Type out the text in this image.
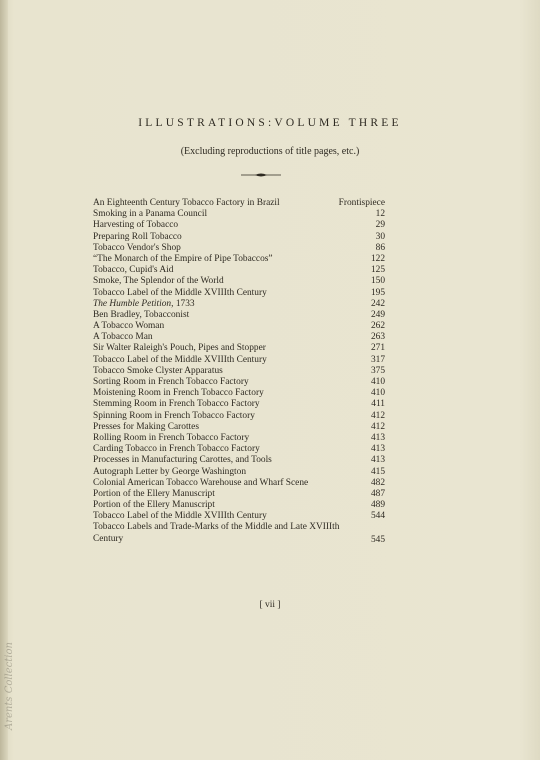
ILLUSTRATIONS:VOLUME THREE
(Excluding reproductions of title pages, etc.)
An Eighteenth Century Tobacco Factory in Brazil	Frontispiece
Smoking in a Panama Council	12
Harvesting of Tobacco	29
Preparing Roll Tobacco	30
Tobacco Vendor's Shop	86
“The Monarch of the Empire of Pipe Tobaccos”	122
Tobacco, Cupid's Aid	125
Smoke, The Splendor of the World	150
Tobacco Label of the Middle XVIIIth Century	195
The Humble Petition, 1733	242
Ben Bradley, Tobacconist	249
A Tobacco Woman	262
A Tobacco Man	263
Sir Walter Raleigh's Pouch, Pipes and Stopper	271
Tobacco Label of the Middle XVIIIth Century	317
Tobacco Smoke Clyster Apparatus	375
Sorting Room in French Tobacco Factory	410
Moistening Room in French Tobacco Factory	410
Stemming Room in French Tobacco Factory	411
Spinning Room in French Tobacco Factory	412
Presses for Making Carottes	412
Rolling Room in French Tobacco Factory	413
Carding Tobacco in French Tobacco Factory	413
Processes in Manufacturing Carottes, and Tools	413
Autograph Letter by George Washington	415
Colonial American Tobacco Warehouse and Wharf Scene	482
Portion of the Ellery Manuscript	487
Portion of the Ellery Manuscript	489
Tobacco Label of the Middle XVIIIth Century	544
Tobacco Labels and Trade-Marks of the Middle and Late XVIIIth Century	545
[ vii ]
Arents Collection
